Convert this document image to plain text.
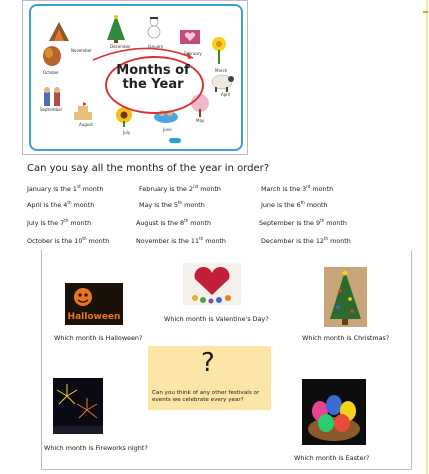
Months of the Year
November
December	January
February
March
October
April
September
May
August
July
June
Can you say all the months of the year in order?
January is the 1st month	February is the 2nd month	March is the 3rd month
April is the 4th month	May is the 5th month	June is the 6th month
July is the 7th month	August is the 8th month	September is the 9th month
October is the 10th month	November is the 11th month	December is the 12th month
Halloween
Which month is Halloween?
Which month is Valentine's Day?
Which month is Christmas?
?
Can you think of any other festivals or events we celebrate every year?
Which month is Fireworks night?
Which month is Easter?
